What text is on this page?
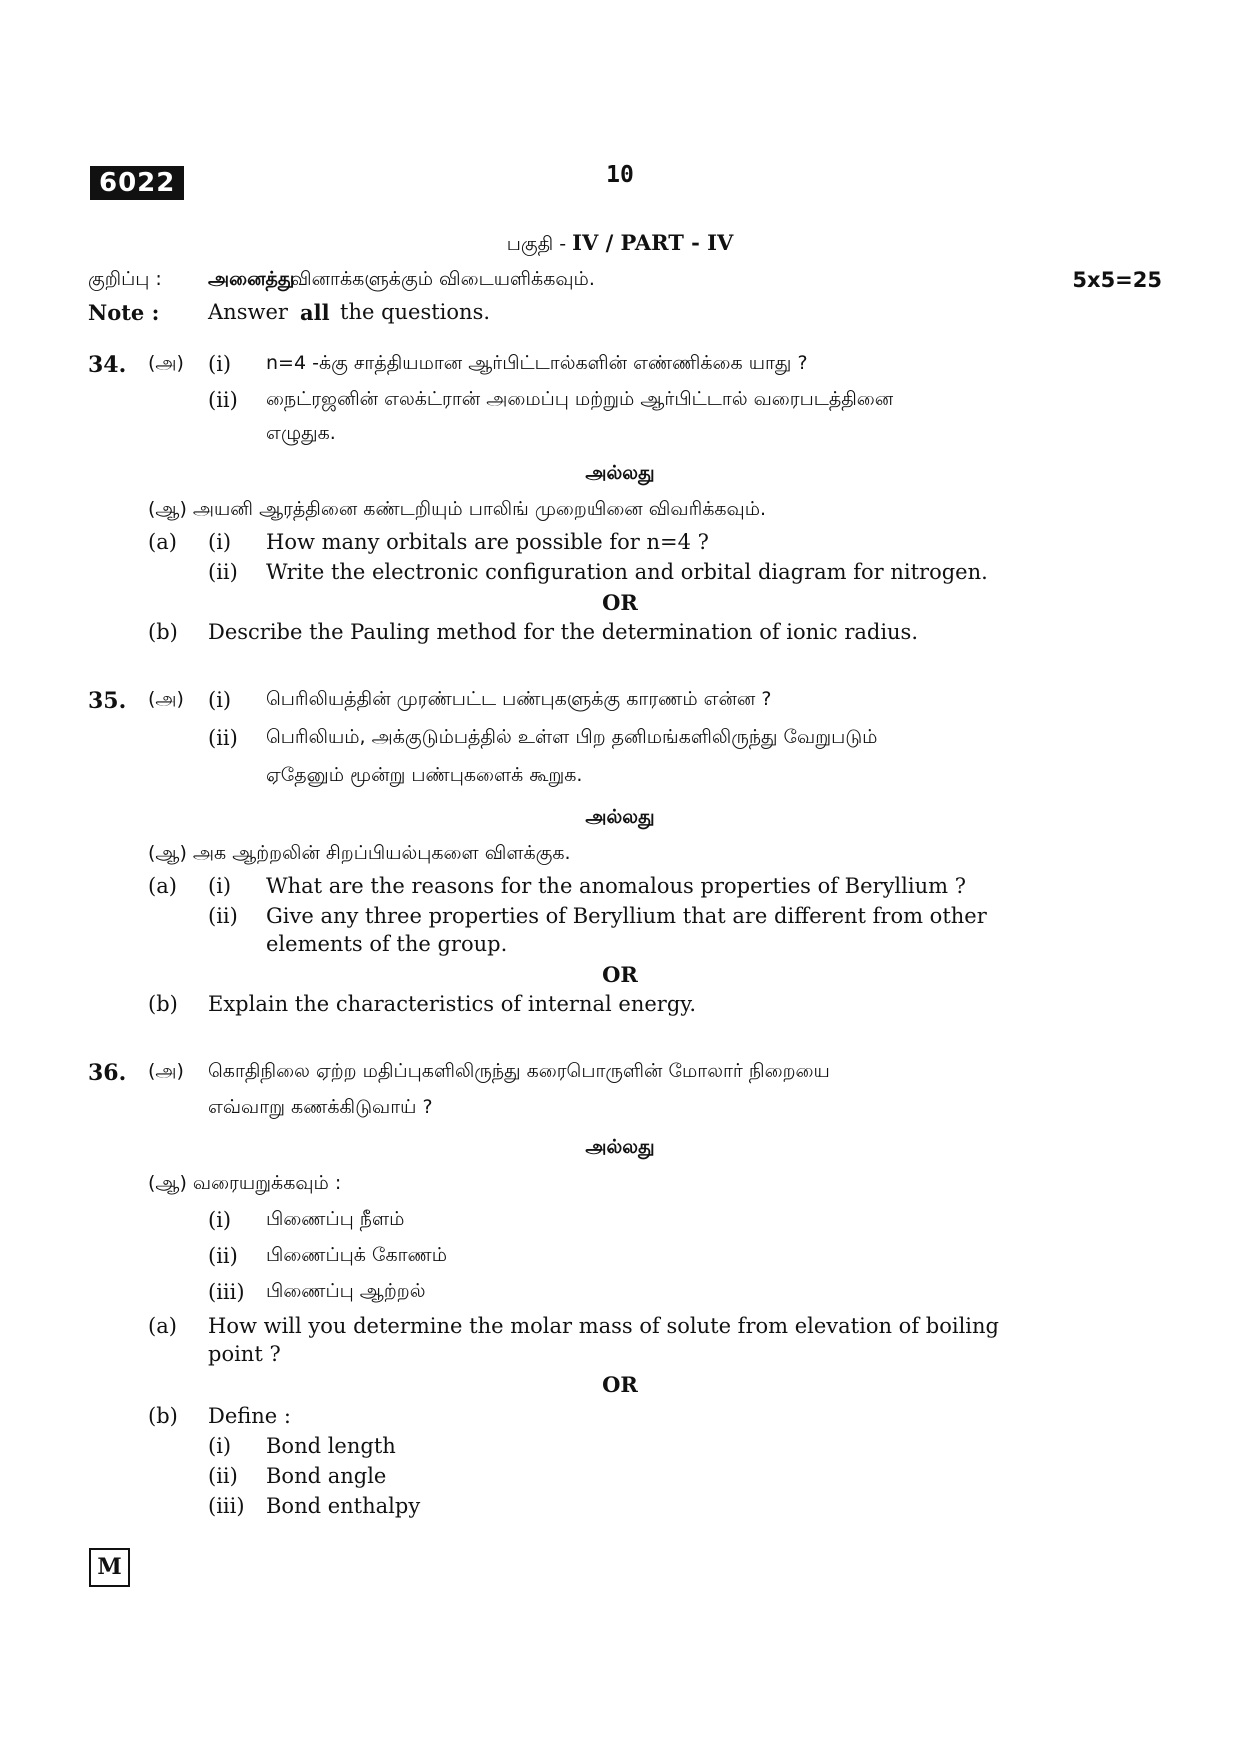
6022	10
பகுதி - IV / PART - IV
குறிப்பு : அனைத்து
வினாக்களுக்கும் விடையளிக்கவும்.	5x5=25
Note : Answer all the questions.
34. (அ) (i) n=4 -க்கு சாத்தியமான ஆர்பிட்டால்களின் எண்ணிக்கை யாது ?
(ii) நைட்ரஜனின் எலக்ட்ரான் அமைப்பு மற்றும் ஆர்பிட்டால் வரைபடத்தினை
எழுதுக.
அல்லது
(ஆ) அயனி ஆரத்தினை கண்டறியும் பாலிங் முறையினை விவரிக்கவும்.
(a) (i) How many orbitals are possible for n=4 ?
(ii) Write the electronic configuration and orbital diagram for nitrogen.
OR
(b) Describe the Pauling method for the determination of ionic radius.
35. (அ) (i) பெரிலியத்தின் முரண்பட்ட பண்புகளுக்கு காரணம் என்ன ?
(ii) பெரிலியம், அக்குடும்பத்தில் உள்ள பிற தனிமங்களிலிருந்து வேறுபடும்
ஏதேனும் மூன்று பண்புகளைக் கூறுக.
அல்லது
(ஆ) அக ஆற்றலின் சிறப்பியல்புகளை விளக்குக.
(a) (i) What are the reasons for the anomalous properties of Beryllium ?
(ii) Give any three properties of Beryllium that are different from other
elements of the group.
OR
(b) Explain the characteristics of internal energy.
36. (அ) கொதிநிலை ஏற்ற மதிப்புகளிலிருந்து கரைபொருளின் மோலார் நிறையை
எவ்வாறு கணக்கிடுவாய் ?
அல்லது
(ஆ) வரையறுக்கவும் :
(i) பிணைப்பு நீளம்
(ii) பிணைப்புக் கோணம்
(iii) பிணைப்பு ஆற்றல்
(a) How will you determine the molar mass of solute from elevation of boiling
point ?
OR
(b) Define :
(i) Bond length
(ii) Bond angle
(iii) Bond enthalpy
M
